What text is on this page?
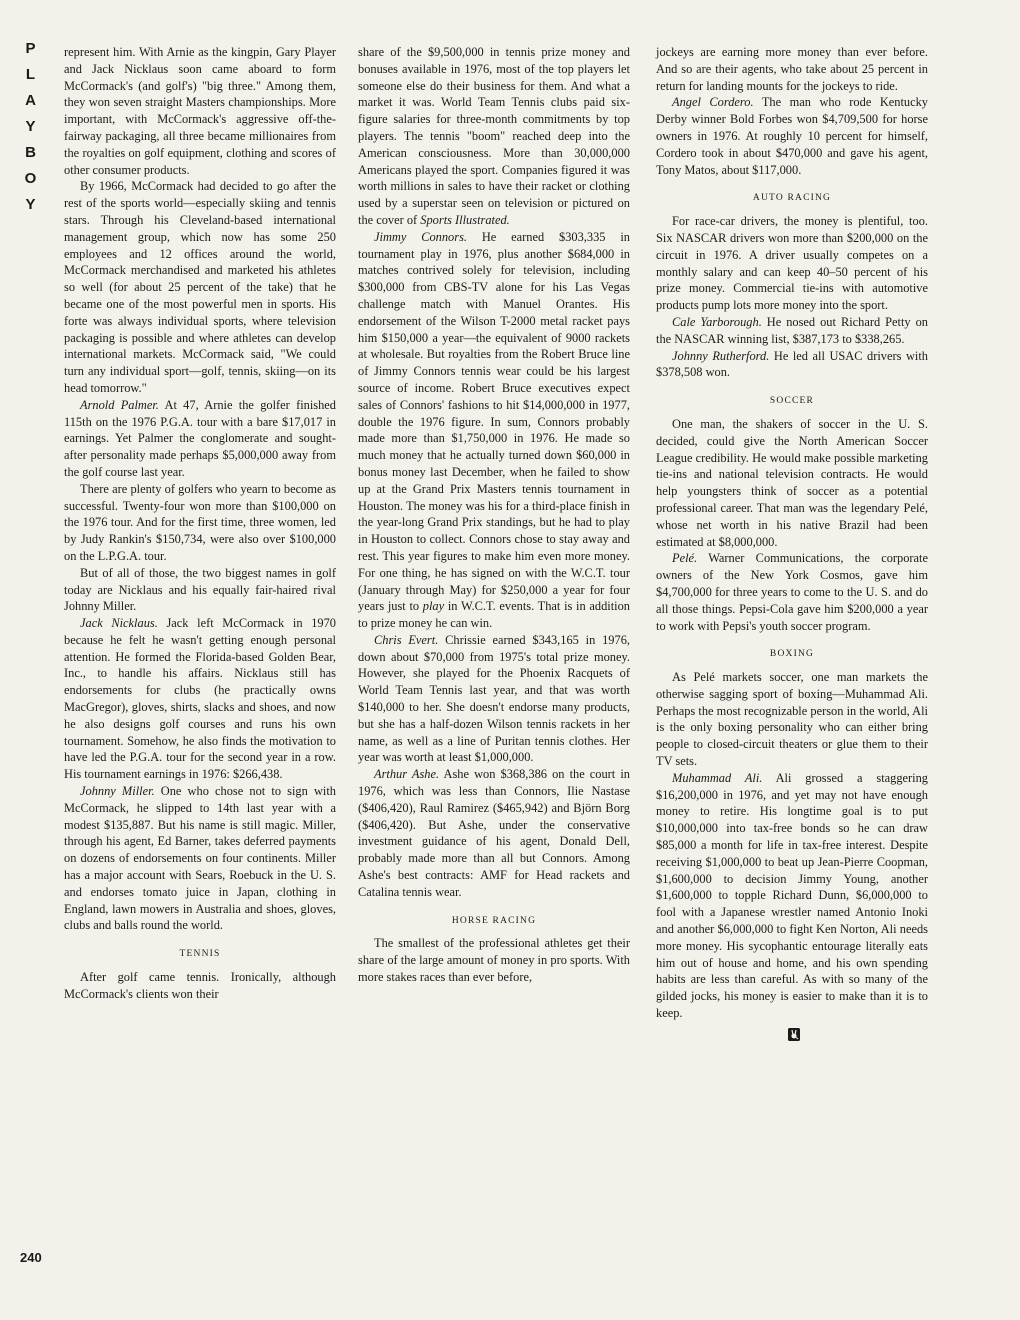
P L A Y B O Y
240

represent him. With Arnie as the kingpin, Gary Player and Jack Nicklaus soon came aboard to form McCormack's (and golf's) "big three." Among them, they won seven straight Masters championships. More important, with McCormack's aggressive off-the-fairway packaging, all three became millionaires from the royalties on golf equipment, clothing and scores of other consumer products.

By 1966, McCormack had decided to go after the rest of the sports world—especially skiing and tennis stars. Through his Cleveland-based international management group, which now has some 250 employees and 12 offices around the world, McCormack merchandised and marketed his athletes so well (for about 25 percent of the take) that he became one of the most powerful men in sports. His forte was always individual sports, where television packaging is possible and where athletes can develop international markets. McCormack said, "We could turn any individual sport—golf, tennis, skiing—on its head tomorrow."

Arnold Palmer. At 47, Arnie the golfer finished 115th on the 1976 P.G.A. tour with a bare $17,017 in earnings. Yet Palmer the conglomerate and sought-after personality made perhaps $5,000,000 away from the golf course last year.

There are plenty of golfers who yearn to become as successful. Twenty-four won more than $100,000 on the 1976 tour. And for the first time, three women, led by Judy Rankin's $150,734, were also over $100,000 on the L.P.G.A. tour.

But of all of those, the two biggest names in golf today are Nicklaus and his equally fair-haired rival Johnny Miller.

Jack Nicklaus. Jack left McCormack in 1970 because he felt he wasn't getting enough personal attention. He formed the Florida-based Golden Bear, Inc., to handle his affairs. Nicklaus still has endorsements for clubs (he practically owns MacGregor), gloves, shirts, slacks and shoes, and now he also designs golf courses and runs his own tournament. Somehow, he also finds the motivation to have led the P.G.A. tour for the second year in a row. His tournament earnings in 1976: $266,438.

Johnny Miller. One who chose not to sign with McCormack, he slipped to 14th last year with a modest $135,887. But his name is still magic. Miller, through his agent, Ed Barner, takes deferred payments on dozens of endorsements on four continents. Miller has a major account with Sears, Roebuck in the U. S. and endorses tomato juice in Japan, clothing in England, lawn mowers in Australia and shoes, gloves, clubs and balls round the world.

TENNIS

After golf came tennis. Ironically, although McCormack's clients won their

share of the $9,500,000 in tennis prize money and bonuses available in 1976, most of the top players let someone else do their business for them. And what a market it was. World Team Tennis clubs paid six-figure salaries for three-month commitments by top players. The tennis "boom" reached deep into the American consciousness. More than 30,000,000 Americans played the sport. Companies figured it was worth millions in sales to have their racket or clothing used by a superstar seen on television or pictured on the cover of Sports Illustrated.

Jimmy Connors. He earned $303,335 in tournament play in 1976, plus another $684,000 in matches contrived solely for television, including $300,000 from CBS-TV alone for his Las Vegas challenge match with Manuel Orantes. His endorsement of the Wilson T-2000 metal racket pays him $150,000 a year—the equivalent of 9000 rackets at wholesale. But royalties from the Robert Bruce line of Jimmy Connors tennis wear could be his largest source of income. Robert Bruce executives expect sales of Connors' fashions to hit $14,000,000 in 1977, double the 1976 figure. In sum, Connors probably made more than $1,750,000 in 1976. He made so much money that he actually turned down $60,000 in bonus money last December, when he failed to show up at the Grand Prix Masters tennis tournament in Houston. The money was his for a third-place finish in the year-long Grand Prix standings, but he had to play in Houston to collect. Connors chose to stay away and rest. This year figures to make him even more money. For one thing, he has signed on with the W.C.T. tour (January through May) for $250,000 a year for four years just to play in W.C.T. events. That is in addition to prize money he can win.

Chris Evert. Chrissie earned $343,165 in 1976, down about $70,000 from 1975's total prize money. However, she played for the Phoenix Racquets of World Team Tennis last year, and that was worth $140,000 to her. She doesn't endorse many products, but she has a half-dozen Wilson tennis rackets in her name, as well as a line of Puritan tennis clothes. Her year was worth at least $1,000,000.

Arthur Ashe. Ashe won $368,386 on the court in 1976, which was less than Connors, Ilie Nastase ($406,420), Raul Ramirez ($465,942) and Björn Borg ($406,420). But Ashe, under the conservative investment guidance of his agent, Donald Dell, probably made more than all but Connors. Among Ashe's best contracts: AMF for Head rackets and Catalina tennis wear.

HORSE RACING

The smallest of the professional athletes get their share of the large amount of money in pro sports. With more stakes races than ever before,

jockeys are earning more money than ever before. And so are their agents, who take about 25 percent in return for landing mounts for the jockeys to ride.

Angel Cordero. The man who rode Kentucky Derby winner Bold Forbes won $4,709,500 for horse owners in 1976. At roughly 10 percent for himself, Cordero took in about $470,000 and gave his agent, Tony Matos, about $117,000.

AUTO RACING

For race-car drivers, the money is plentiful, too. Six NASCAR drivers won more than $200,000 on the circuit in 1976. A driver usually competes on a monthly salary and can keep 40–50 percent of his prize money. Commercial tie-ins with automotive products pump lots more money into the sport.

Cale Yarborough. He nosed out Richard Petty on the NASCAR winning list, $387,173 to $338,265.

Johnny Rutherford. He led all USAC drivers with $378,508 won.

SOCCER

One man, the shakers of soccer in the U. S. decided, could give the North American Soccer League credibility. He would make possible marketing tie-ins and national television contracts. He would help youngsters think of soccer as a potential professional career. That man was the legendary Pelé, whose net worth in his native Brazil had been estimated at $8,000,000.

Pelé. Warner Communications, the corporate owners of the New York Cosmos, gave him $4,700,000 for three years to come to the U. S. and do all those things. Pepsi-Cola gave him $200,000 a year to work with Pepsi's youth soccer program.

BOXING

As Pelé markets soccer, one man markets the otherwise sagging sport of boxing—Muhammad Ali. Perhaps the most recognizable person in the world, Ali is the only boxing personality who can either bring people to closed-circuit theaters or glue them to their TV sets.

Muhammad Ali. Ali grossed a staggering $16,200,000 in 1976, and yet may not have enough money to retire. His longtime goal is to put $10,000,000 into tax-free bonds so he can draw $85,000 a month for life in tax-free interest. Despite receiving $1,000,000 to beat up Jean-Pierre Coopman, $1,600,000 to decision Jimmy Young, another $1,600,000 to topple Richard Dunn, $6,000,000 to fool with a Japanese wrestler named Antonio Inoki and another $6,000,000 to fight Ken Norton, Ali needs more money. His sycophantic entourage literally eats him out of house and home, and his own spending habits are less than careful. As with so many of the gilded jocks, his money is easier to make than it is to keep.
